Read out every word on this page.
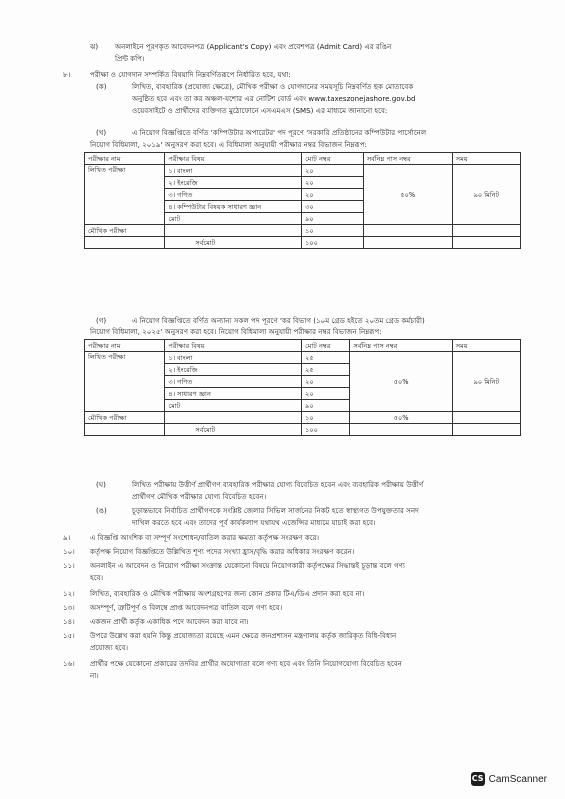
ঝ) অনলাইনে পূরণকৃত আবেদনপত্র (Applicant's Copy) এবং প্রবেশপত্র (Admit Card) এর রঙিন
প্রিন্ট কপি।
৮।	পরীক্ষা ও যোগদান সম্পর্কিত বিষয়াদি নিম্নবর্ণিতরূপে নির্ধারিত হবে, যথা:
(ক)	লিখিত, ব্যবহারিক (প্রযোজ্য ক্ষেত্রে), মৌখিক পরীক্ষা ও যোগদানের সময়সূচি নিম্নবর্ণিত ছক মোতাবেক
অনুষ্ঠিত হবে এবং তা কর অঞ্চল-যশোর এর নোটিশ বোর্ড এবং www.taxeszonejashore.gov.bd
ওয়েবসাইটে ও প্রার্থীদের ব্যক্তিগত মুঠোফোনে এসএমএস (SMS) এর মাধ্যমে জানানো হবে:
(খ)	এ নিয়োগ বিজ্ঞপ্তিতে বর্ণিত 'কম্পিউটার অপারেটর' পদ পূরণে 'সরকারি প্রতিষ্ঠানের কম্পিউটার পার্সোনেল
নিয়োগ বিধিমালা, ২০১৯' অনুসরণ করা হবে। এ বিধিমালা অনুযায়ী পরীক্ষার নম্বর বিভাজন নিম্নরূপ:
পরীক্ষার নাম	পরীক্ষার বিষয়	মোট নম্বর	সর্বনিম্ন পাস নম্বর	সময়
লিখিত পরীক্ষা	১। বাংলা	২০	৫০%	৯০ মিনিট
	২। ইংরেজি	২০		
	৩। গণিত	২০		
	৪। কম্পিউটার বিষয়ক সাধারণ জ্ঞান	৩০		
	মোট	৯০		
মৌখিক পরীক্ষা		১০		
	সর্বমোট	১০০		
(গ)	এ নিয়োগ বিজ্ঞপ্তিতে বর্ণিত অন্যান্য সকল পদ পূরণে 'কর বিভাগ (১০ম গ্রেড হইতে ২০তম গ্রেড কর্মচারী)
নিয়োগ বিধিমালা, ২০২৫' অনুসরণ করা হবে। নিয়োগ বিধিমালা অনুযায়ী পরীক্ষার নম্বর বিভাজন নিম্নরূপ:
পরীক্ষার নাম	পরীক্ষার বিষয়	মোট নম্বর	সর্বনিম্ন পাস নম্বর	সময়
লিখিত পরীক্ষা	১। বাংলা	২৫	৫০%	৯০ মিনিট
	২। ইংরেজি	২৫		
	৩। গণিত	২০		
	৪। সাধারণ জ্ঞান	২০		
	মোট	৯০		
মৌখিক পরীক্ষা		১০	৫০%	
	সর্বমোট	১০০		
(ঘ)	লিখিত পরীক্ষায় উত্তীর্ণ প্রার্থীগণ ব্যবহারিক পরীক্ষার যোগ্য বিবেচিত হবেন এবং ব্যবহারিক পরীক্ষায় উত্তীর্ণ
প্রার্থীগণ মৌখিক পরীক্ষার যোগ্য বিবেচিত হবেন।
(ঙ)	চূড়ান্তভাবে নির্বাচিত প্রার্থীগণকে সংশ্লিষ্ট জেলার সিভিল সার্জনের নিকট হতে স্বাস্থ্যগত উপযুক্ততার সনদ
দাখিল করতে হবে এবং তাদের পূর্ব কার্যকলাপ যথাযথ এজেন্সির মাধ্যমে যাচাই করা হবে।
৯।	এ বিজ্ঞপ্তি আংশিক বা সম্পূর্ণ সংশোধন/বাতিল করার ক্ষমতা কর্তৃপক্ষ সংরক্ষণ করে।
১০। কর্তৃপক্ষ নিয়োগ বিজ্ঞপ্তিতে উল্লিখিত শূণ্য পদের সংখ্যা হ্রাস/বৃদ্ধি করার অধিকার সংরক্ষণ করেন।
১১। অনলাইন এ আবেদন ও নিয়োগ পরীক্ষা সংক্রান্ত যেকোনো বিষয়ে নিয়োগকারী কর্তৃপক্ষের সিদ্ধান্তই চূড়ান্ত বলে গণ্য
হবে।
১২। লিখিত, ব্যবহারিক ও মৌখিক পরীক্ষায় অংশগ্রহণের জন্য কোন প্রকার টিএ/ডিএ প্রদান করা হবে না।
১৩। অসম্পূর্ণ, ত্রুটিপূর্ণ ও বিলম্বে প্রাপ্ত আবেদনপত্র বাতিল বলে গণ্য হবে।
১৪। একজন প্রার্থী কর্তৃক একাধিক পদে আবেদন করা যাবে না।
১৫। উপরে উল্লেখ করা হয়নি কিন্তু প্রযোজ্যতা রয়েছে এমন ক্ষেত্রে জনপ্রশাসন মন্ত্রণালয় কর্তৃক জারিকৃত বিধি-বিধান
প্রযোজ্য হবে।
১৬। প্রার্থীর পক্ষে যেকোনো প্রকারের তদবির প্রার্থীর অযোগ্যতা বলে গণ্য হবে এবং তিনি নিয়োগযোগ্য বিবেচিত হবেন
না।
CS CamScanner
